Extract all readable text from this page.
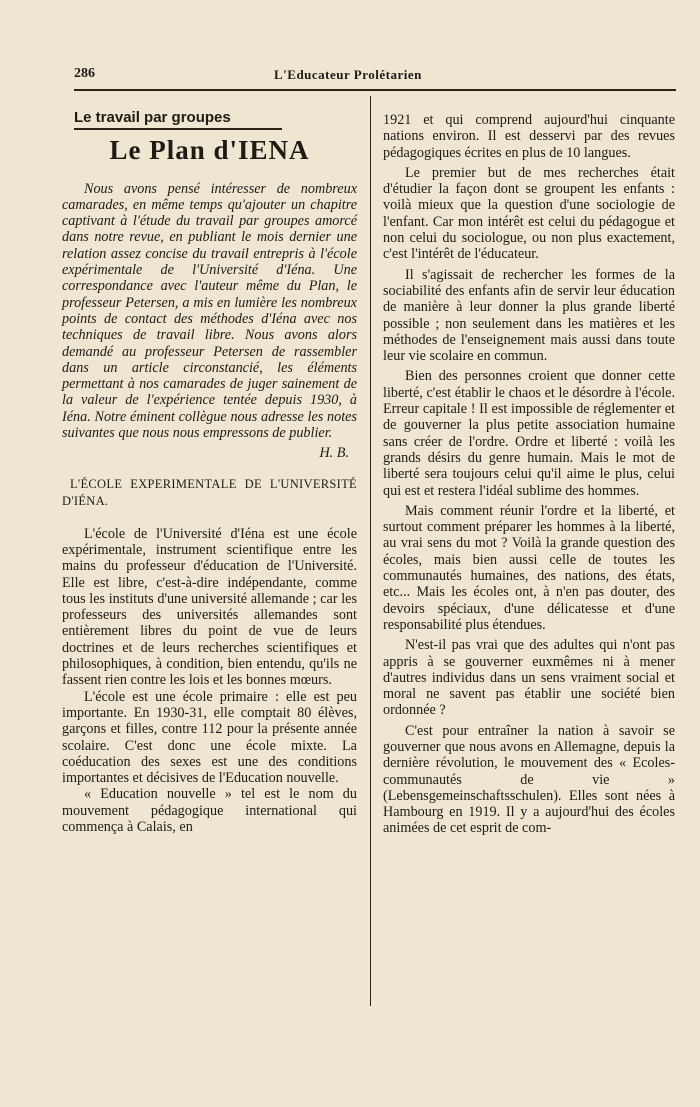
286	L'Educateur Prolétarien
Le travail par groupes
Le Plan d'IENA

Nous avons pensé intéresser de nombreux camarades, en même temps qu'ajouter un chapitre captivant à l'étude du travail par groupes amorcé dans notre revue, en publiant le mois dernier une relation assez concise du travail entrepris à l'école expérimentale de l'Université d'Iéna. Une correspondance avec l'auteur même du Plan, le professeur Petersen, a mis en lumière les nombreux points de contact des méthodes d'Iéna avec nos techniques de travail libre. Nous avons alors demandé au professeur Petersen de rassembler dans un article circonstancié, les éléments permettant à nos camarades de juger sainement de la valeur de l'expérience tentée depuis 1930, à Iéna. Notre éminent collègue nous adresse les notes suivantes que nous nous empressons de publier.

H. B.
L'ÉCOLE EXPERIMENTALE DE L'UNIVERSITÉ D'IÉNA.

L'école de l'Université d'Iéna est une école expérimentale, instrument scientifique entre les mains du professeur d'éducation de l'Université. Elle est libre, c'est-à-dire indépendante, comme tous les instituts d'une université allemande ; car les professeurs des universités allemandes sont entièrement libres du point de vue de leurs doctrines et de leurs recherches scientifiques et philosophiques, à condition, bien entendu, qu'ils ne fassent rien contre les lois et les bonnes mœurs.

L'école est une école primaire : elle est peu importante. En 1930-31, elle comptait 80 élèves, garçons et filles, contre 112 pour la présente année scolaire. C'est donc une école mixte. La coéducation des sexes est une des conditions importantes et décisives de l'Education nouvelle.

« Education nouvelle » tel est le nom du mouvement pédagogique international qui commença à Calais, en

1921 et qui comprend aujourd'hui cinquante nations environ. Il est desservi par des revues pédagogiques écrites en plus de 10 langues.

Le premier but de mes recherches était d'étudier la façon dont se groupent les enfants : voilà mieux que la question d'une sociologie de l'enfant. Car mon intérêt est celui du pédagogue et non celui du sociologue, ou non plus exactement, c'est l'intérêt de l'éducateur.

Il s'agissait de rechercher les formes de la sociabilité des enfants afin de servir leur éducation de manière à leur donner la plus grande liberté possible ; non seulement dans les matières et les méthodes de l'enseignement mais aussi dans toute leur vie scolaire en commun.

Bien des personnes croient que donner cette liberté, c'est établir le chaos et le désordre à l'école. Erreur capitale ! Il est impossible de réglementer et de gouverner la plus petite association humaine sans créer de l'ordre. Ordre et liberté : voilà les grands désirs du genre humain. Mais le mot de liberté sera toujours celui qu'il aime le plus, celui qui est et restera l'idéal sublime des hommes.

Mais comment réunir l'ordre et la liberté, et surtout comment préparer les hommes à la liberté, au vrai sens du mot ? Voilà la grande question des écoles, mais bien aussi celle de toutes les communautés humaines, des nations, des états, etc... Mais les écoles ont, à n'en pas douter, des devoirs spéciaux, d'une délicatesse et d'une responsabilité plus étendues.

N'est-il pas vrai que des adultes qui n'ont pas appris à se gouverner euxmêmes ni à mener d'autres individus dans un sens vraiment social et moral ne savent pas établir une société bien ordonnée ?

C'est pour entraîner la nation à savoir se gouverner que nous avons en Allemagne, depuis la dernière révolution, le mouvement des « Ecoles-communautés de vie » (Lebensgemeinschaftsschulen). Elles sont nées à Hambourg en 1919. Il y a aujourd'hui des écoles animées de cet esprit de com-
